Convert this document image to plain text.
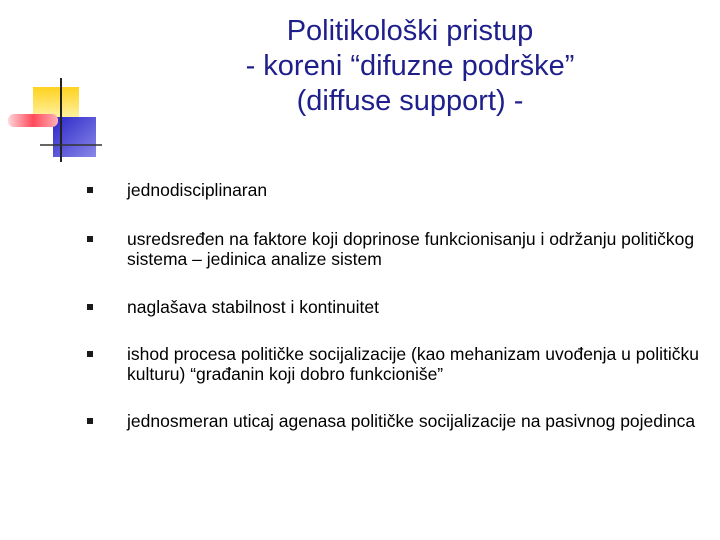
Politikološki pristup
- koreni “difuzne podrške”
(diffuse support) -
jednodisciplinaran
usredsređen na faktore koji doprinose funkcionisanju i održanju političkog sistema – jedinica analize sistem
naglašava stabilnost i kontinuitet
ishod procesa političke socijalizacije (kao mehanizam uvođenja u političku kulturu) “građanin koji dobro funkcioniše”
jednosmeran uticaj agenasa političke socijalizacije na pasivnog pojedinca
